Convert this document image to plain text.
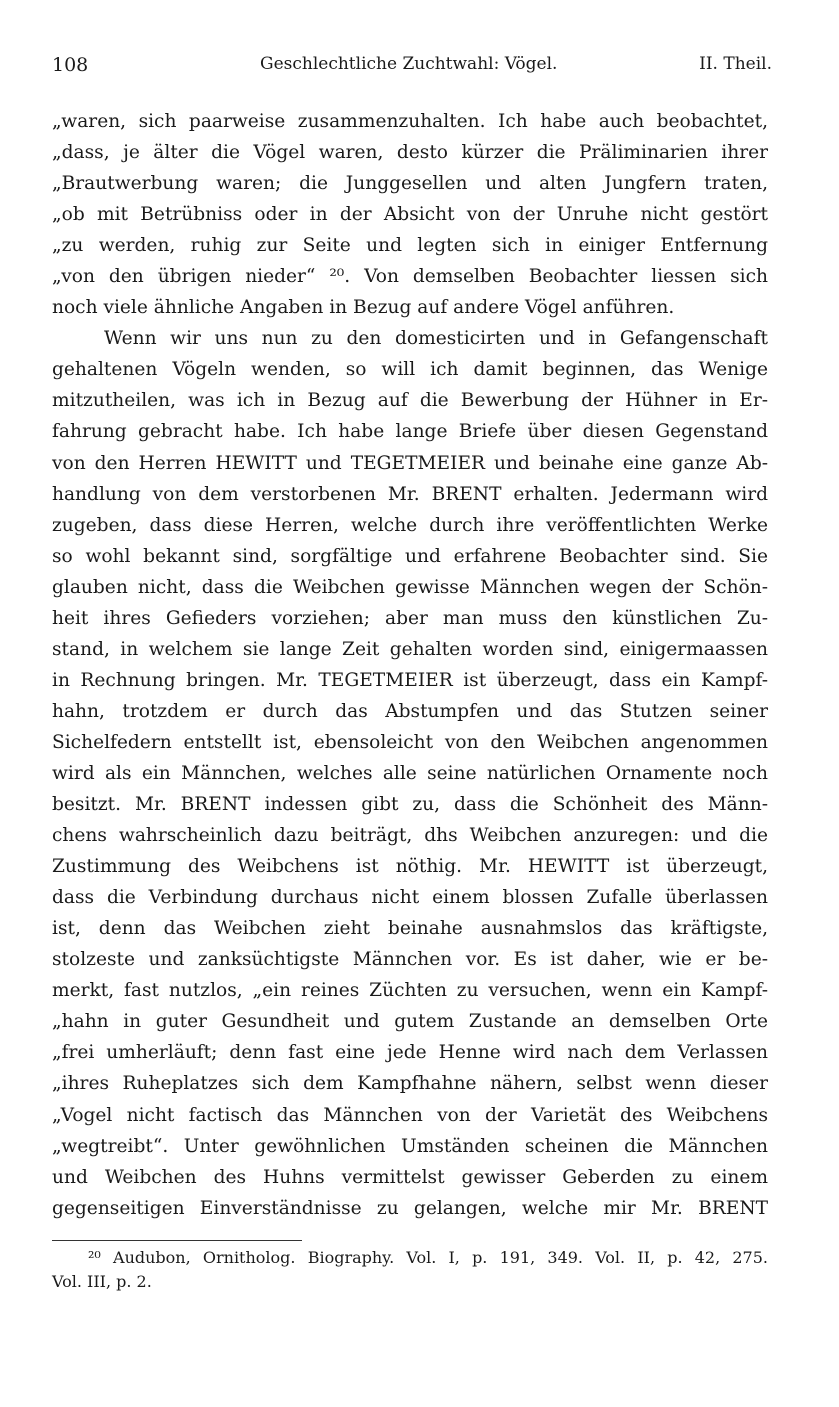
108	Geschlechtliche Zuchtwahl: Vögel.	II. Theil.
„waren, sich paarweise zusammenzuhalten. Ich habe auch beobachtet,
„dass, je älter die Vögel waren, desto kürzer die Präliminarien ihrer
„Brautwerbung waren; die Junggesellen und alten Jungfern traten,
„ob mit Betrübniss oder in der Absicht von der Unruhe nicht gestört
„zu werden, ruhig zur Seite und legten sich in einiger Entfernung
„von den übrigen nieder“ ²⁰. Von demselben Beobachter liessen sich
noch viele ähnliche Angaben in Bezug auf andere Vögel anführen.
Wenn wir uns nun zu den domesticirten und in Gefangenschaft
gehaltenen Vögeln wenden, so will ich damit beginnen, das Wenige
mitzutheilen, was ich in Bezug auf die Bewerbung der Hühner in Er-
fahrung gebracht habe. Ich habe lange Briefe über diesen Gegenstand
von den Herren HEWITT und TEGETMEIER und beinahe eine ganze Ab-
handlung von dem verstorbenen Mr. BRENT erhalten. Jedermann wird
zugeben, dass diese Herren, welche durch ihre veröffentlichten Werke
so wohl bekannt sind, sorgfältige und erfahrene Beobachter sind. Sie
glauben nicht, dass die Weibchen gewisse Männchen wegen der Schön-
heit ihres Gefieders vorziehen; aber man muss den künstlichen Zu-
stand, in welchem sie lange Zeit gehalten worden sind, einigermaassen
in Rechnung bringen. Mr. TEGETMEIER ist überzeugt, dass ein Kampf-
hahn, trotzdem er durch das Abstumpfen und das Stutzen seiner
Sichelfedern entstellt ist, ebensoleicht von den Weibchen angenommen
wird als ein Männchen, welches alle seine natürlichen Ornamente noch
besitzt. Mr. BRENT indessen gibt zu, dass die Schönheit des Männ-
chens wahrscheinlich dazu beiträgt, dhs Weibchen anzuregen: und die
Zustimmung des Weibchens ist nöthig. Mr. HEWITT ist überzeugt,
dass die Verbindung durchaus nicht einem blossen Zufalle überlassen
ist, denn das Weibchen zieht beinahe ausnahmslos das kräftigste,
stolzeste und zanksüchtigste Männchen vor. Es ist daher, wie er be-
merkt, fast nutzlos, „ein reines Züchten zu versuchen, wenn ein Kampf-
„hahn in guter Gesundheit und gutem Zustande an demselben Orte
„frei umherläuft; denn fast eine jede Henne wird nach dem Verlassen
„ihres Ruheplatzes sich dem Kampfhahne nähern, selbst wenn dieser
„Vogel nicht factisch das Männchen von der Varietät des Weibchens
„wegtreibt“. Unter gewöhnlichen Umständen scheinen die Männchen
und Weibchen des Huhns vermittelst gewisser Geberden zu einem
gegenseitigen Einverständnisse zu gelangen, welche mir Mr. BRENT
²⁰ Audubon, Ornitholog. Biography. Vol. I, p. 191, 349. Vol. II, p. 42, 275.
Vol. III, p. 2.
